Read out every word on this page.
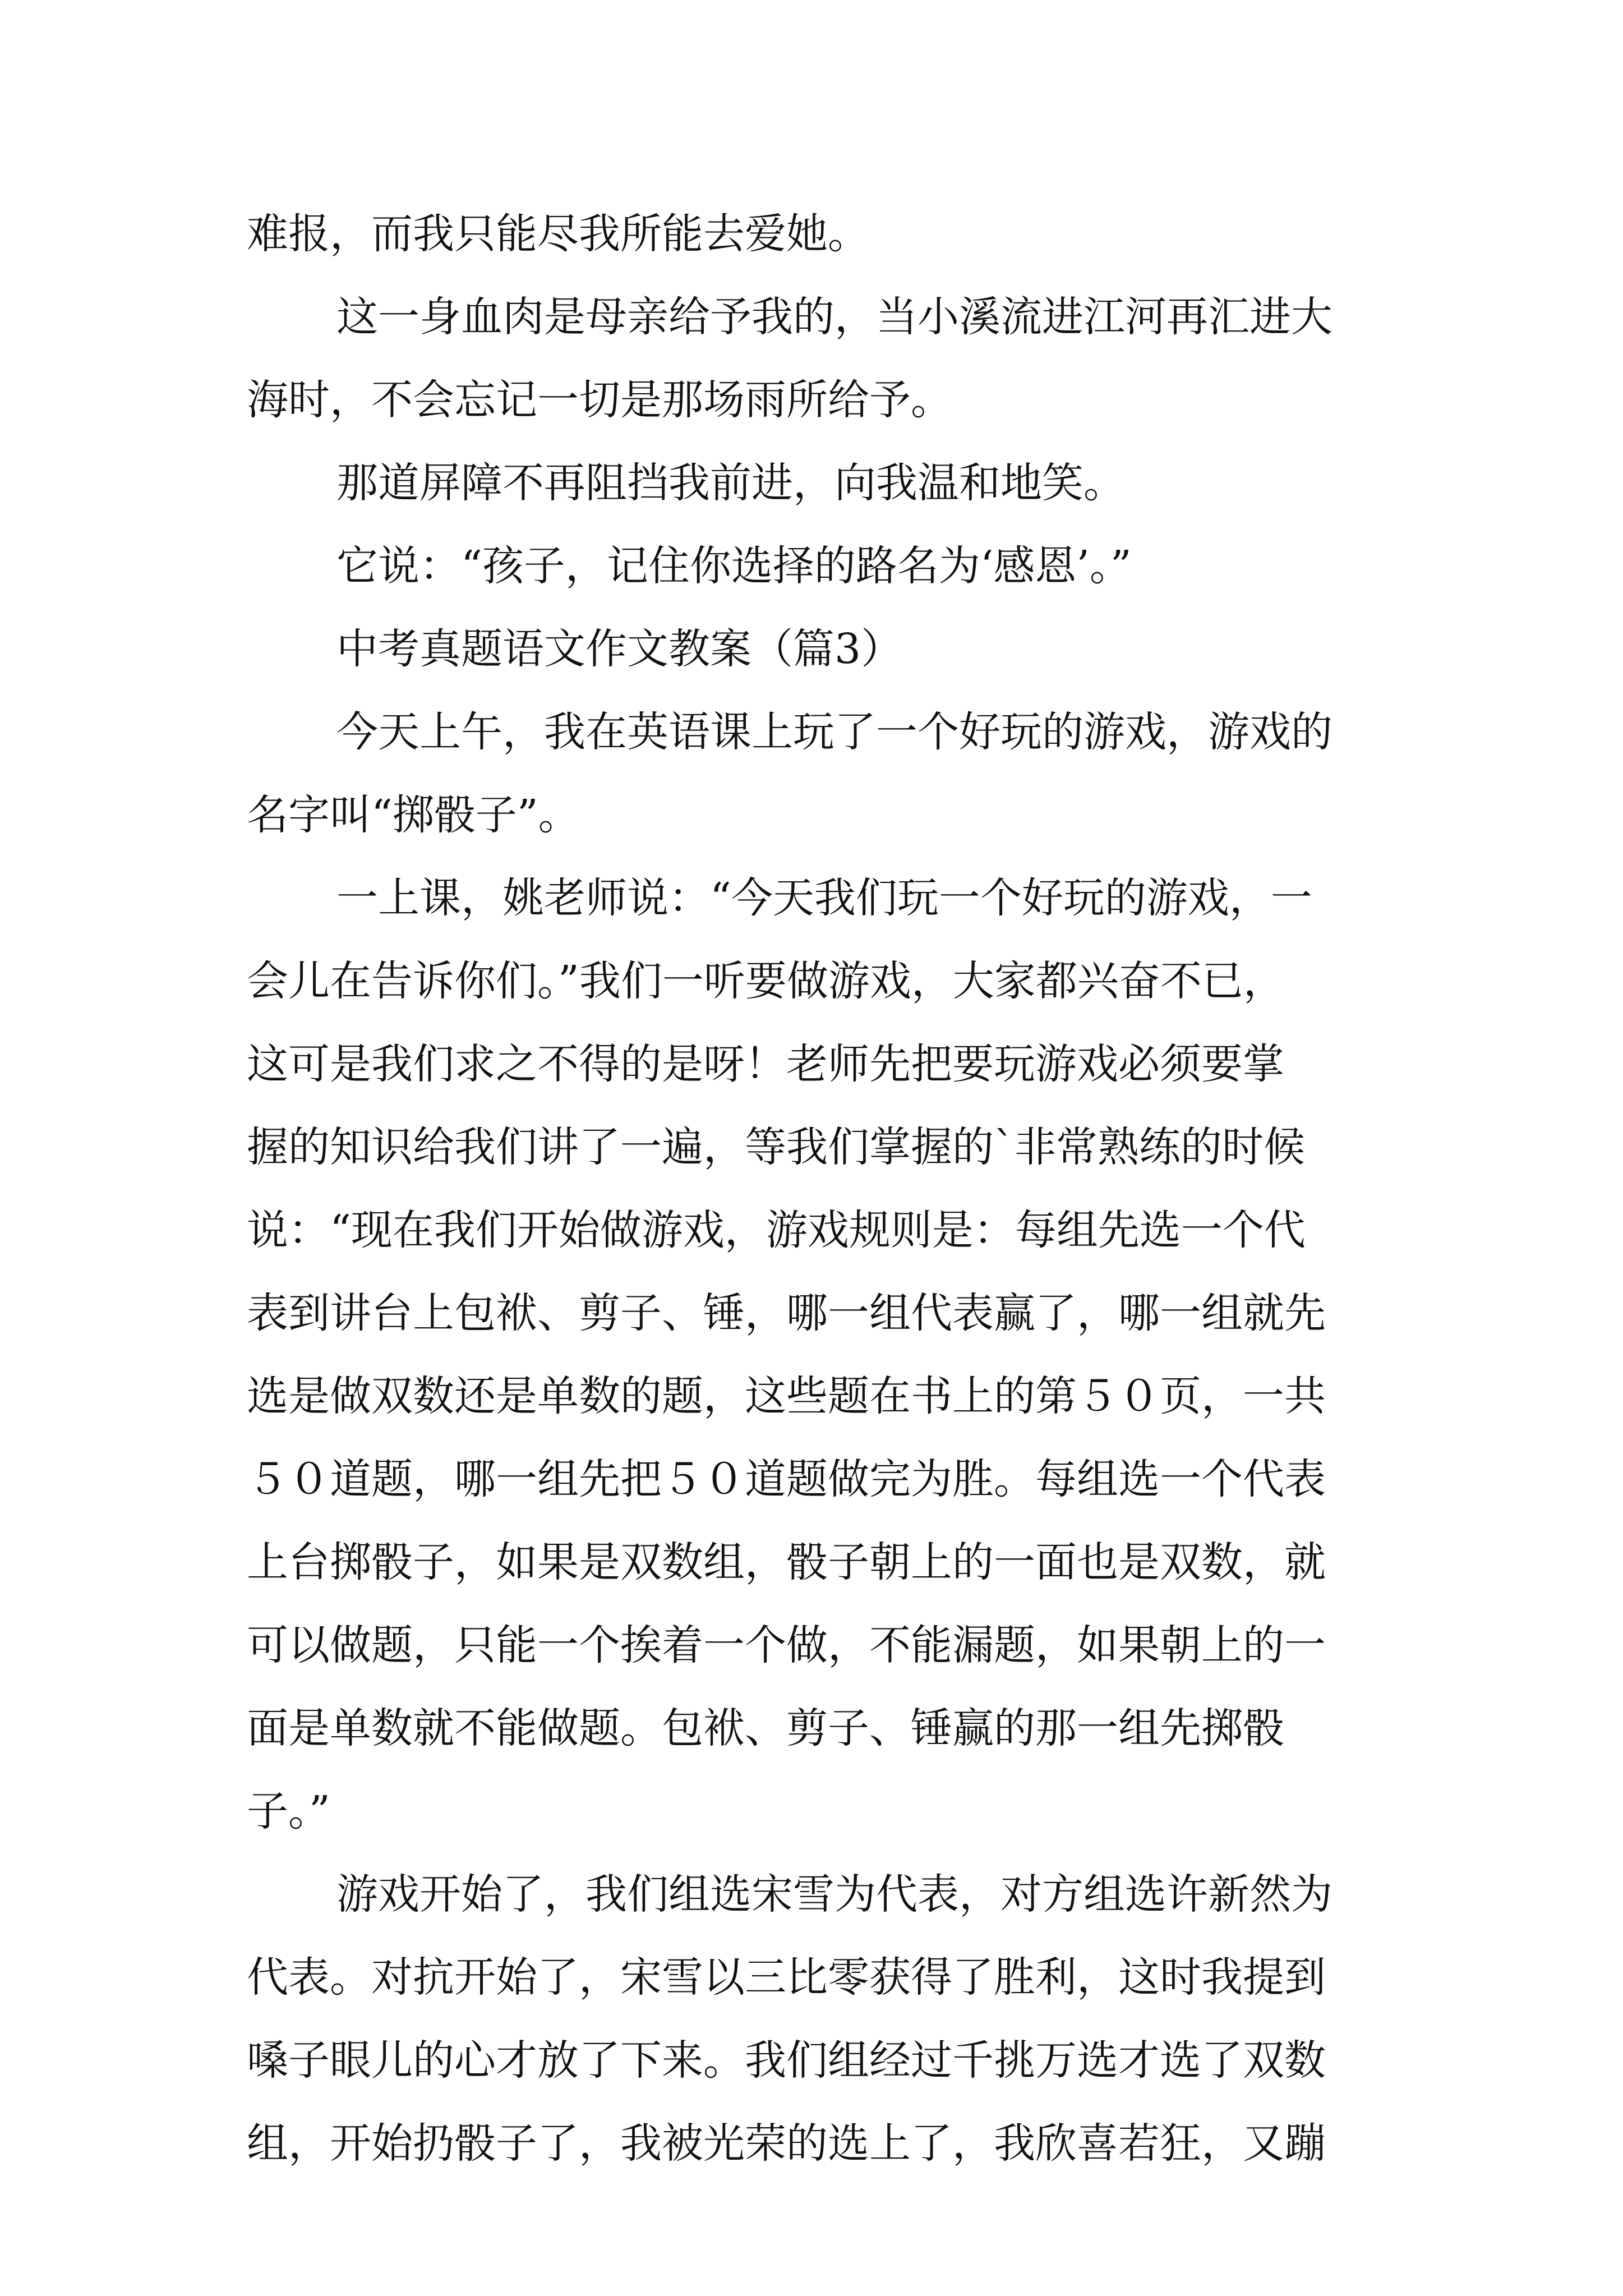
难报，而我只能尽我所能去爱她。
这一身血肉是母亲给予我的，当小溪流进江河再汇进大
海时，不会忘记一切是那场雨所给予。
那道屏障不再阻挡我前进，向我温和地笑。
它说：“孩子，记住你选择的路名为‘感恩’。”
中考真题语文作文教案（篇3）
今天上午，我在英语课上玩了一个好玩的游戏，游戏的
名字叫“掷骰子”。
一上课，姚老师说：“今天我们玩一个好玩的游戏，一
会儿在告诉你们。”我们一听要做游戏，大家都兴奋不已，
这可是我们求之不得的是呀！老师先把要玩游戏必须要掌
握的知识给我们讲了一遍，等我们掌握的`非常熟练的时候
说：“现在我们开始做游戏，游戏规则是：每组先选一个代
表到讲台上包袱、剪子、锤，哪一组代表赢了，哪一组就先
选是做双数还是单数的题，这些题在书上的第５０页，一共
５０道题，哪一组先把５０道题做完为胜。每组选一个代表
上台掷骰子，如果是双数组，骰子朝上的一面也是双数，就
可以做题，只能一个挨着一个做，不能漏题，如果朝上的一
面是单数就不能做题。包袱、剪子、锤赢的那一组先掷骰
子。”
游戏开始了，我们组选宋雪为代表，对方组选许新然为
代表。对抗开始了，宋雪以三比零获得了胜利，这时我提到
嗓子眼儿的心才放了下来。我们组经过千挑万选才选了双数
组，开始扔骰子了，我被光荣的选上了，我欣喜若狂，又蹦
